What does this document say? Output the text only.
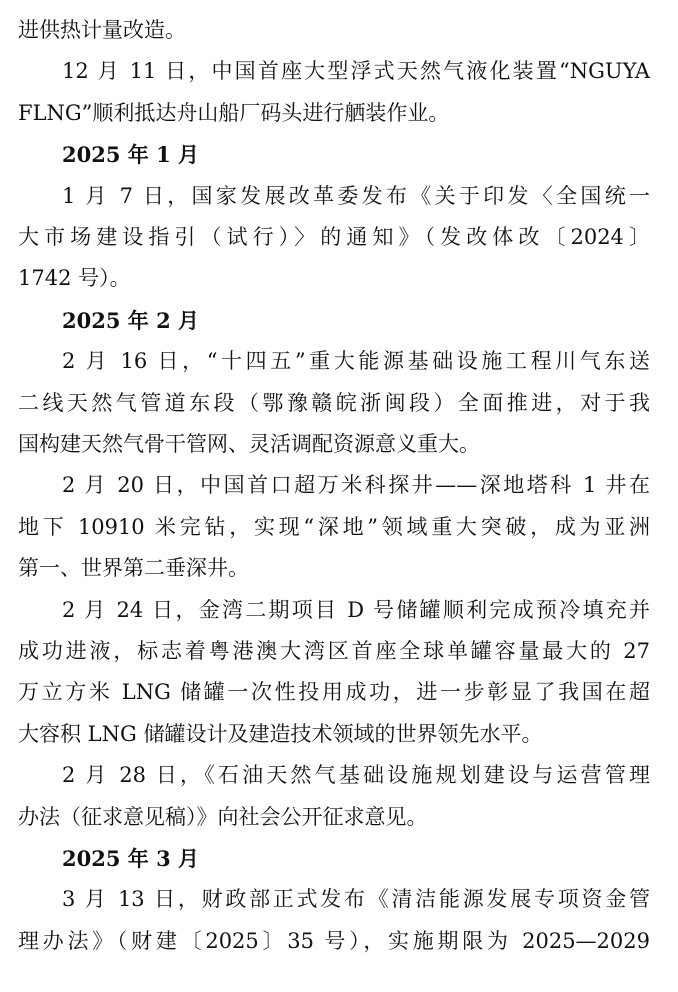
进供热计量改造。
12 月 11 日，中国首座大型浮式天然气液化装置“NGUYA
FLNG”顺利抵达舟山船厂码头进行舾装作业。
2025 年 1 月
1 月 7 日，国家发展改革委发布《关于印发〈全国统一
大市场建设指引（试行）〉的通知》（发改体改〔2024〕
1742 号）。
2025 年 2 月
2 月 16 日，“十四五”重大能源基础设施工程川气东送
二线天然气管道东段（鄂豫赣皖浙闽段）全面推进，对于我
国构建天然气骨干管网、灵活调配资源意义重大。
2 月 20 日，中国首口超万米科探井——深地塔科 1 井在
地下 10910 米完钻，实现“深地”领域重大突破，成为亚洲
第一、世界第二垂深井。
2 月 24 日，金湾二期项目 D 号储罐顺利完成预冷填充并
成功进液，标志着粤港澳大湾区首座全球单罐容量最大的 27
万立方米 LNG 储罐一次性投用成功，进一步彰显了我国在超
大容积 LNG 储罐设计及建造技术领域的世界领先水平。
2 月 28 日，《石油天然气基础设施规划建设与运营管理
办法（征求意见稿）》向社会公开征求意见。
2025 年 3 月
3 月 13 日，财政部正式发布《清洁能源发展专项资金管
理办法》（财建〔2025〕35 号），实施期限为 2025—2029
